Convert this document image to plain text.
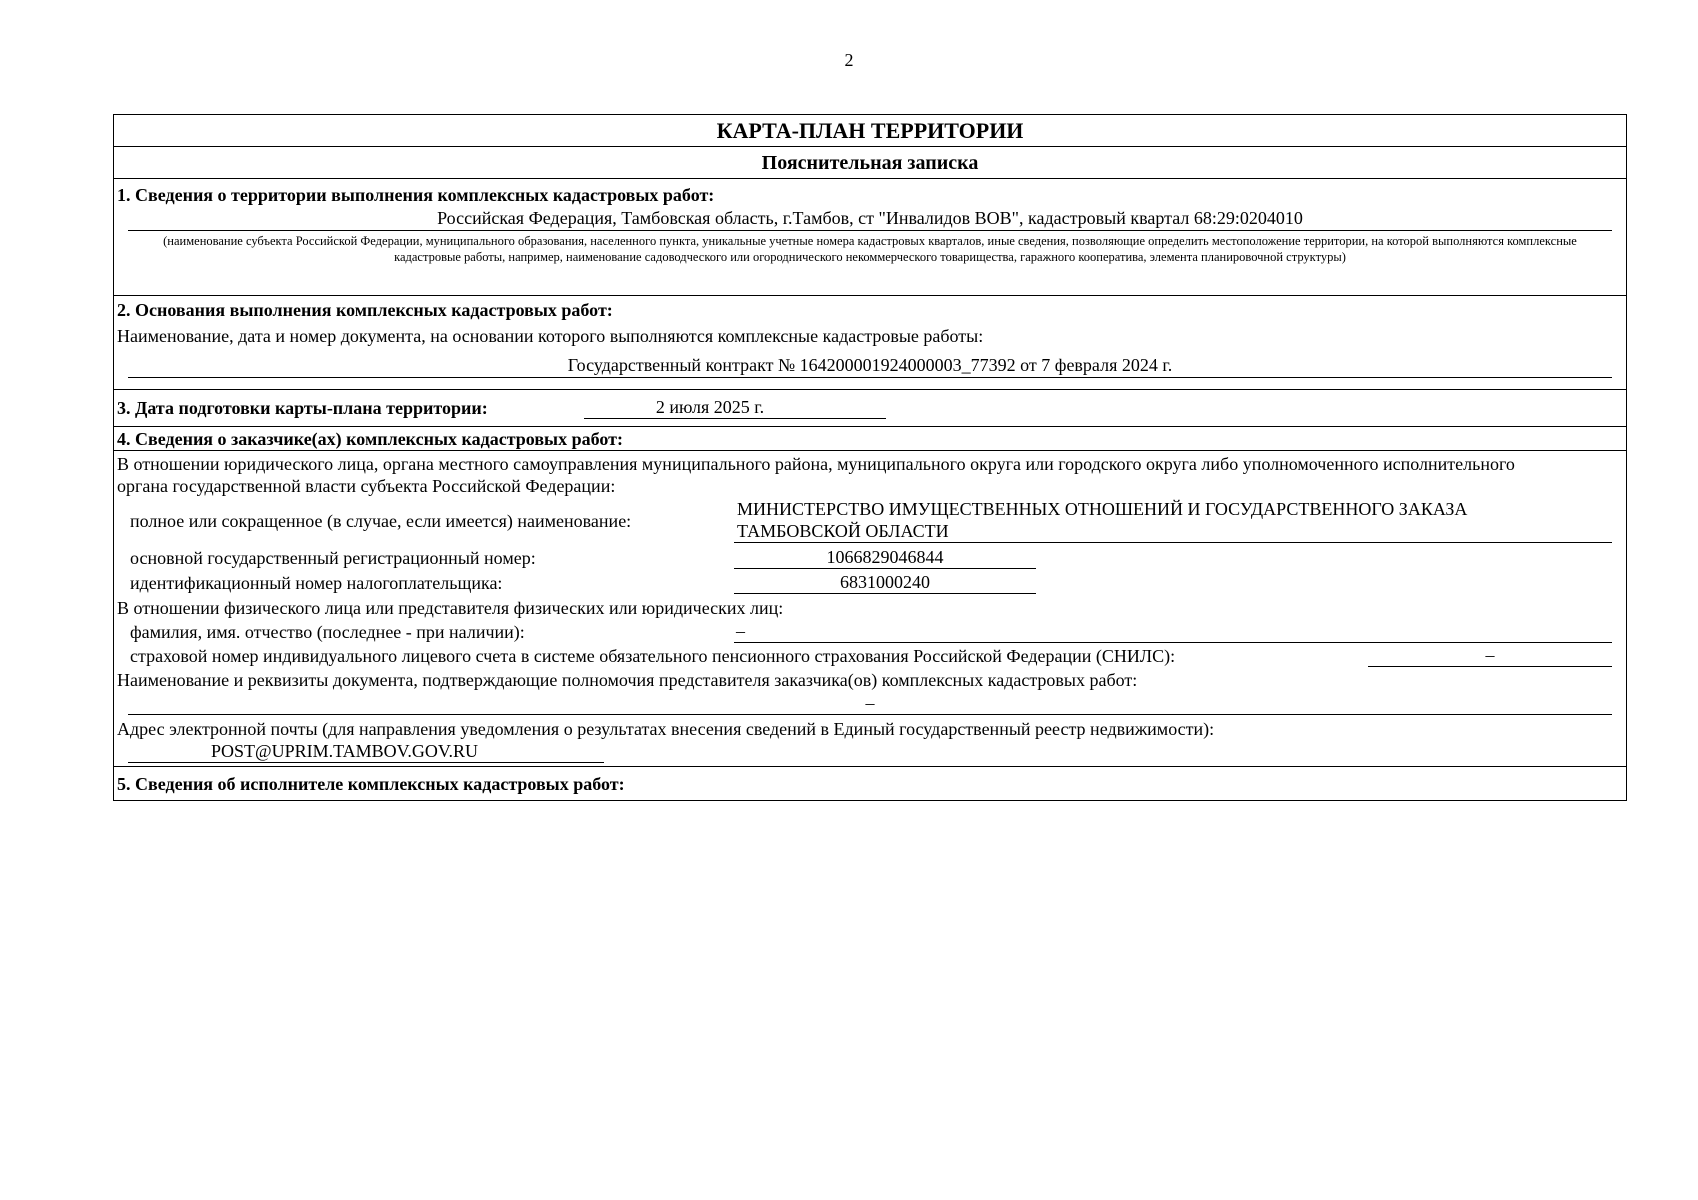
2
КАРТА-ПЛАН ТЕРРИТОРИИ
Пояснительная записка
1. Сведения о территории выполнения комплексных кадастровых работ:
Российская Федерация, Тамбовская область, г.Тамбов, ст "Инвалидов ВОВ", кадастровый квартал 68:29:0204010
(наименование субъекта Российской Федерации, муниципального образования, населенного пункта, уникальные учетные номера кадастровых кварталов, иные сведения, позволяющие определить местоположение территории, на которой выполняются комплексные кадастровые работы, например, наименование садоводческого или огороднического некоммерческого товарищества, гаражного кооператива, элемента планировочной структуры)
2. Основания выполнения комплексных кадастровых работ:
Наименование, дата и номер документа, на основании которого выполняются комплексные кадастровые работы:
Государственный контракт № 164200001924000003_77392 от 7 февраля 2024 г.
3. Дата подготовки карты-плана территории:	2 июля 2025 г.
4. Сведения о заказчике(ах) комплексных кадастровых работ:
В отношении юридического лица, органа местного самоуправления муниципального района, муниципального округа или городского округа либо уполномоченного исполнительного органа государственной власти субъекта Российской Федерации:
полное или сокращенное (в случае, если имеется) наименование:
МИНИСТЕРСТВО ИМУЩЕСТВЕННЫХ ОТНОШЕНИЙ И ГОСУДАРСТВЕННОГО ЗАКАЗА
ТАМБОВСКОЙ ОБЛАСТИ
основной государственный регистрационный номер:	1066829046844
идентификационный номер налогоплательщика:	6831000240
В отношении физического лица или представителя физических или юридических лиц:
фамилия, имя. отчество (последнее - при наличии):	–
страховой номер индивидуального лицевого счета в системе обязательного пенсионного страхования Российской Федерации (СНИЛС):	–
Наименование и реквизиты документа, подтверждающие полномочия представителя заказчика(ов) комплексных кадастровых работ:
–
Адрес электронной почты (для направления уведомления о результатах внесения сведений в Единый государственный реестр недвижимости):
POST@UPRIM.TAMBOV.GOV.RU
5. Сведения об исполнителе комплексных кадастровых работ:
